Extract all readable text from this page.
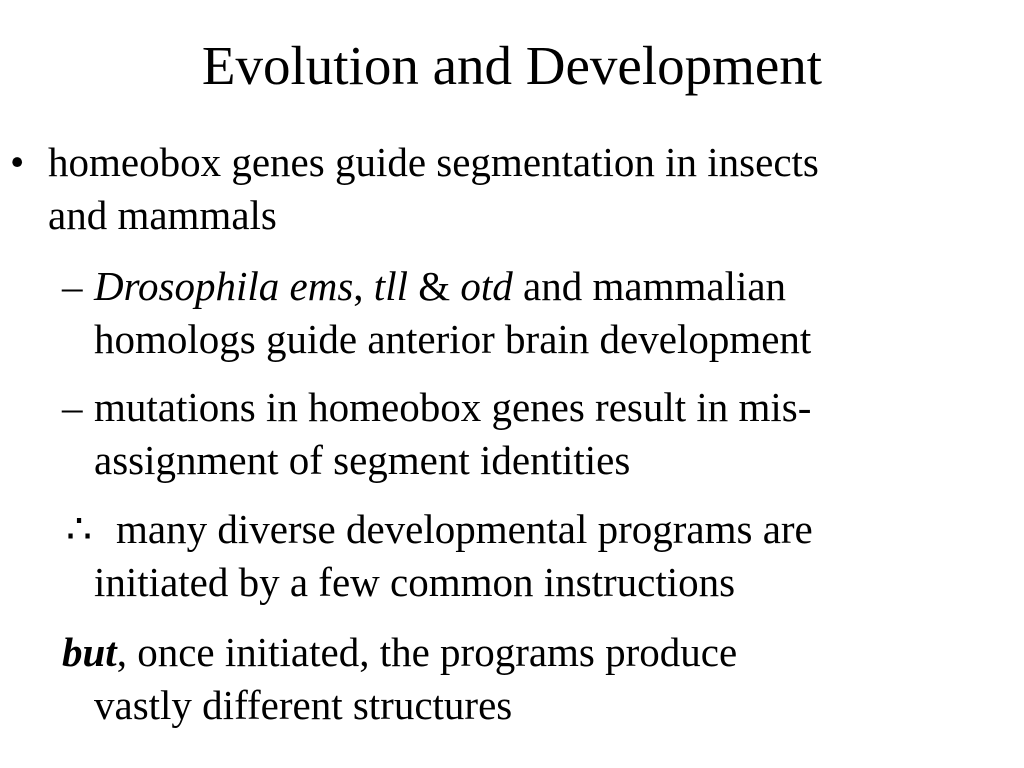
Evolution and Development
• homeobox genes guide segmentation in insects
and mammals
– Drosophila ems, tll & otd and mammalian
homologs guide anterior brain development
– mutations in homeobox genes result in mis-
assignment of segment identities
∴ many diverse developmental programs are
initiated by a few common instructions
but, once initiated, the programs produce
vastly different structures
